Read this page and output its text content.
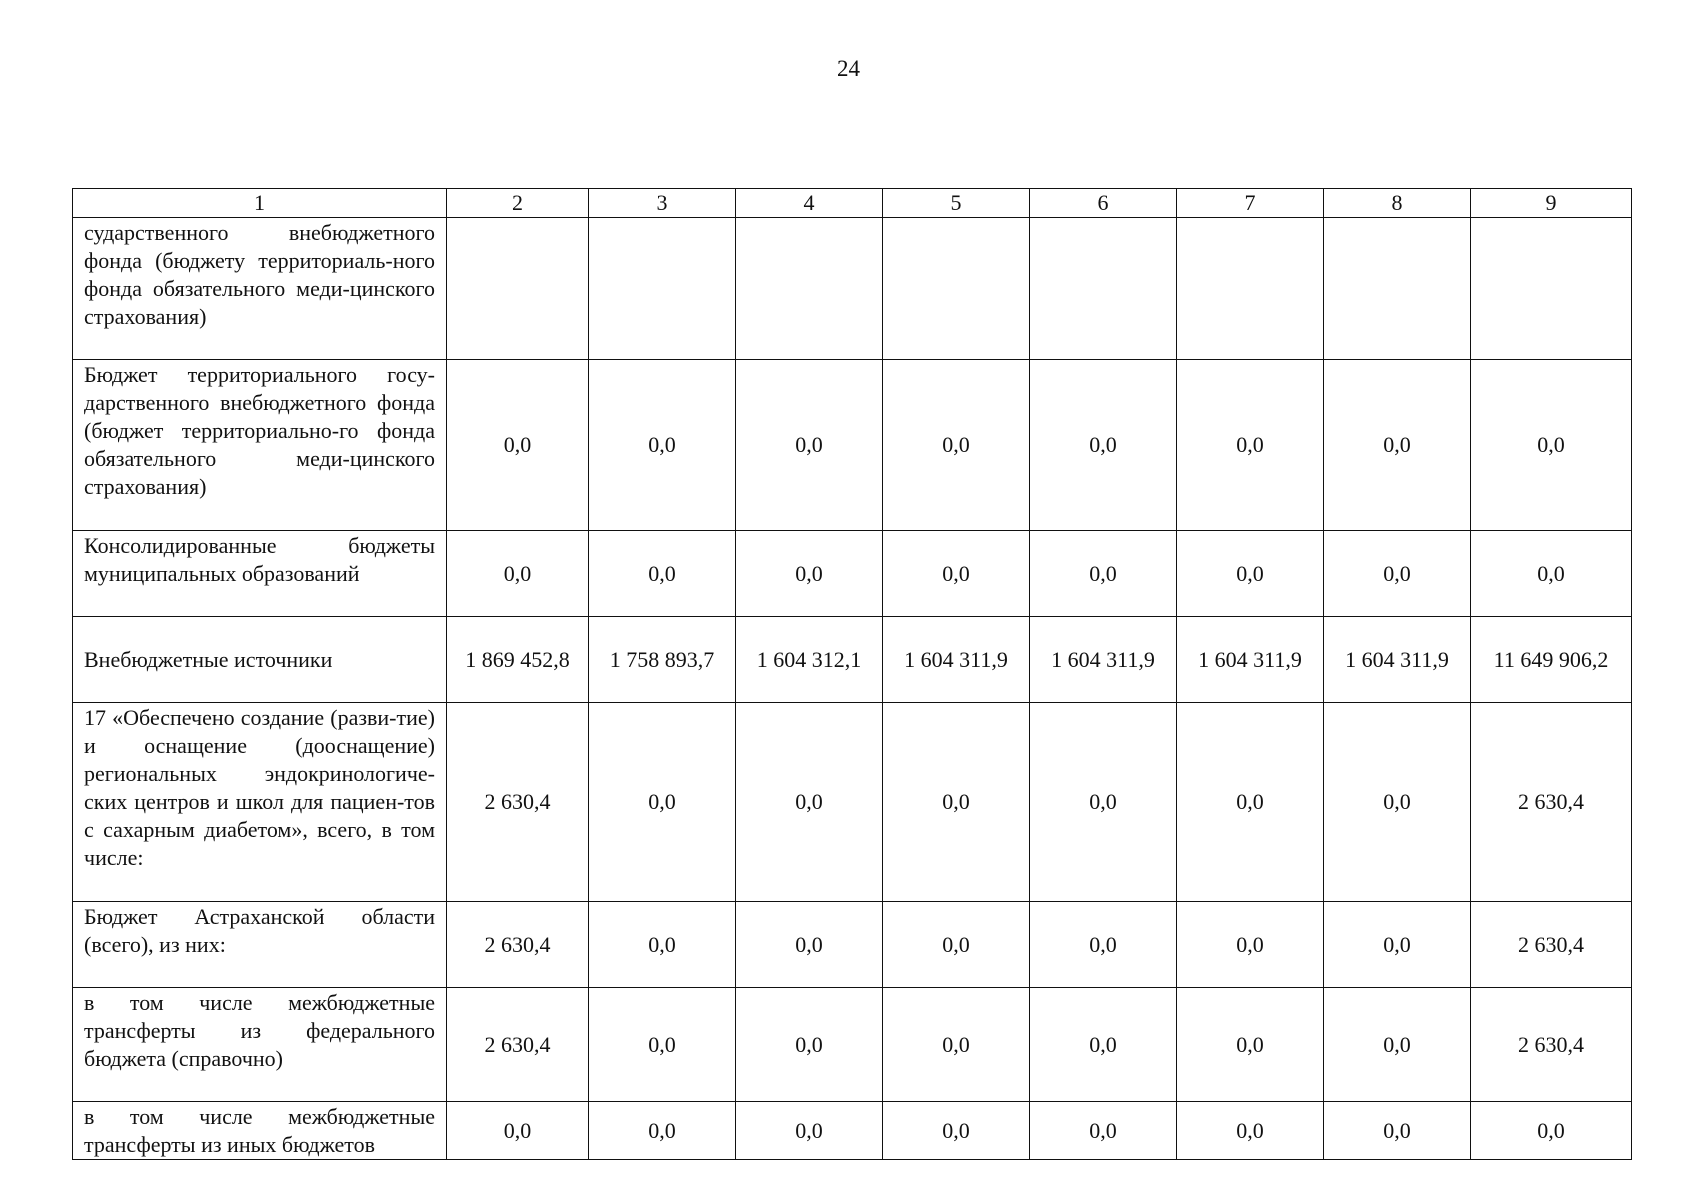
24
1	2	3	4	5	6	7	8	9
сударственного внебюджетного фонда (бюджету территориаль-ного фонда обязательного меди-цинского страхования)								
Бюджет территориального госу-дарственного внебюджетного фонда (бюджет территориально-го фонда обязательного меди-цинского страхования)	0,0	0,0	0,0	0,0	0,0	0,0	0,0	0,0
Консолидированные бюджеты муниципальных образований	0,0	0,0	0,0	0,0	0,0	0,0	0,0	0,0
Внебюджетные источники	1 869 452,8	1 758 893,7	1 604 312,1	1 604 311,9	1 604 311,9	1 604 311,9	1 604 311,9	11 649 906,2
17 «Обеспечено создание (разви-тие) и оснащение (дооснащение) региональных эндокринологиче-ских центров и школ для пациен-тов с сахарным диабетом», всего, в том числе:	2 630,4	0,0	0,0	0,0	0,0	0,0	0,0	2 630,4
Бюджет Астраханской области (всего), из них:	2 630,4	0,0	0,0	0,0	0,0	0,0	0,0	2 630,4
в том числе межбюджетные трансферты из федерального бюджета (справочно)	2 630,4	0,0	0,0	0,0	0,0	0,0	0,0	2 630,4
в том числе межбюджетные трансферты из иных бюджетов	0,0	0,0	0,0	0,0	0,0	0,0	0,0	0,0
